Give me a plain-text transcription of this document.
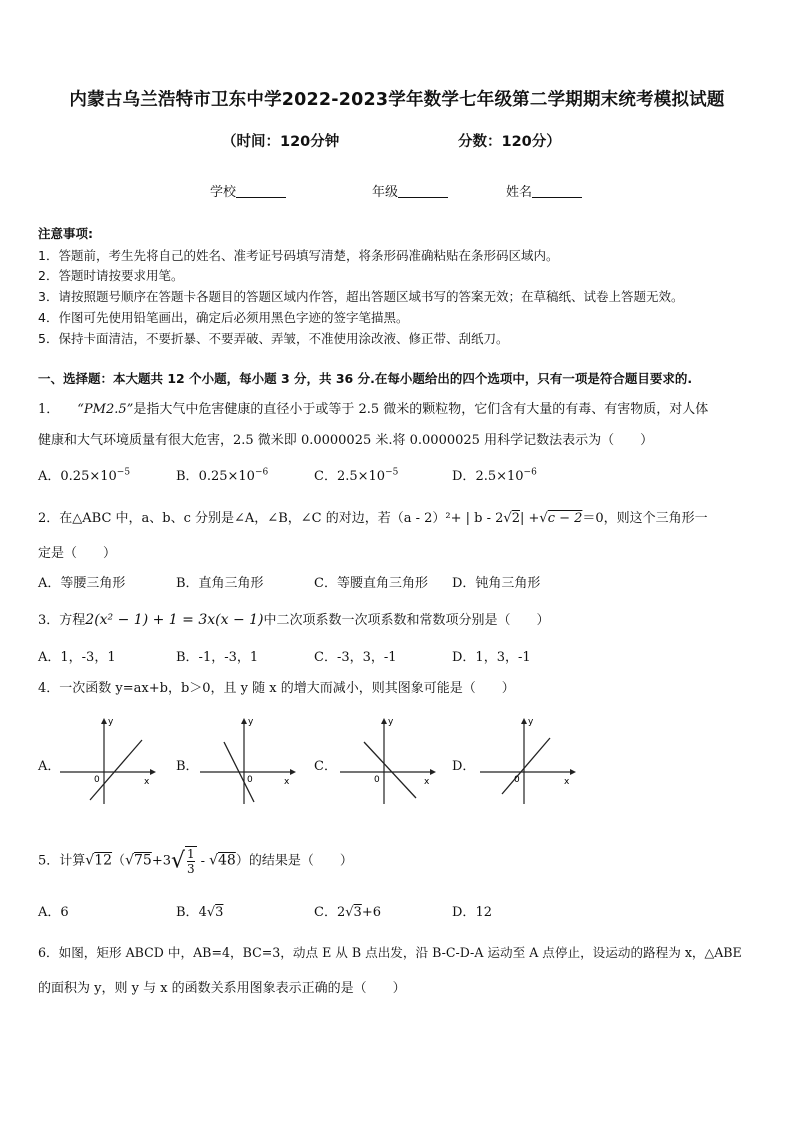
内蒙古乌兰浩特市卫东中学2022-2023学年数学七年级第二学期期末统考模拟试题
（时间：120分钟	分数：120分）
学校	年级	姓名
注意事项:
1．答题前，考生先将自己的姓名、准考证号码填写清楚，将条形码准确粘贴在条形码区域内。
2．答题时请按要求用笔。
3．请按照题号顺序在答题卡各题目的答题区域内作答，超出答题区域书写的答案无效；在草稿纸、试卷上答题无效。
4．作图可先使用铅笔画出，确定后必须用黑色字迹的签字笔描黑。
5．保持卡面清洁，不要折暴、不要弄破、弄皱，不准使用涂改液、修正带、刮纸刀。
一、选择题：本大题共 12 个小题，每小题 3 分，共 36 分.在每小题给出的四个选项中，只有一项是符合题目要求的.
1． “PM2.5”是指大气中危害健康的直径小于或等于 2.5 微米的颗粒物，它们含有大量的有毒、有害物质，对人体
健康和大气环境质量有很大危害，2.5 微米即 0.0000025 米.将 0.0000025 用科学记数法表示为（　　）
A．$0.25\times 10^{-5}$	B．$0.25\times 10^{-6}$	C．$2.5\times 10^{-5}$	D．$2.5\times 10^{-6}$
2．在△ABC 中，a、b、c 分别是∠A，∠B，∠C 的对边，若（a - 2）²+ | b - 2√2| +√c − 2＝0，则这个三角形一
定是（　　）
A．等腰三角形	B．直角三角形	C．等腰直角三角形 D．钝角三角形
3．方程2(x² − 1) + 1 = 3x(x − 1)中二次项系数一次项系数和常数项分别是（　　）
A．1，-3，1	B．-1，-3，1	C．-3，3，-1	D．1，3，-1
4．一次函数 y=ax+b，b＞0，且 y 随 x 的增大而减小，则其图象可能是（　　）
A．	B．	C．	D．
y
x
0
y
x
0
y
x
0
y
x
0
5．计算$√12(√75+3√ \frac{1}{3} - √48)$的结果是（　　）
A．6	B．4√3	C．2√3+6	D．12
6．如图，矩形 ABCD 中，AB=4，BC=3，动点 E 从 B 点出发，沿 B-C-D-A 运动至 A 点停止，设运动的路程为 x，△ABE
的面积为 y，则 y 与 x 的函数关系用图象表示正确的是（　　）
